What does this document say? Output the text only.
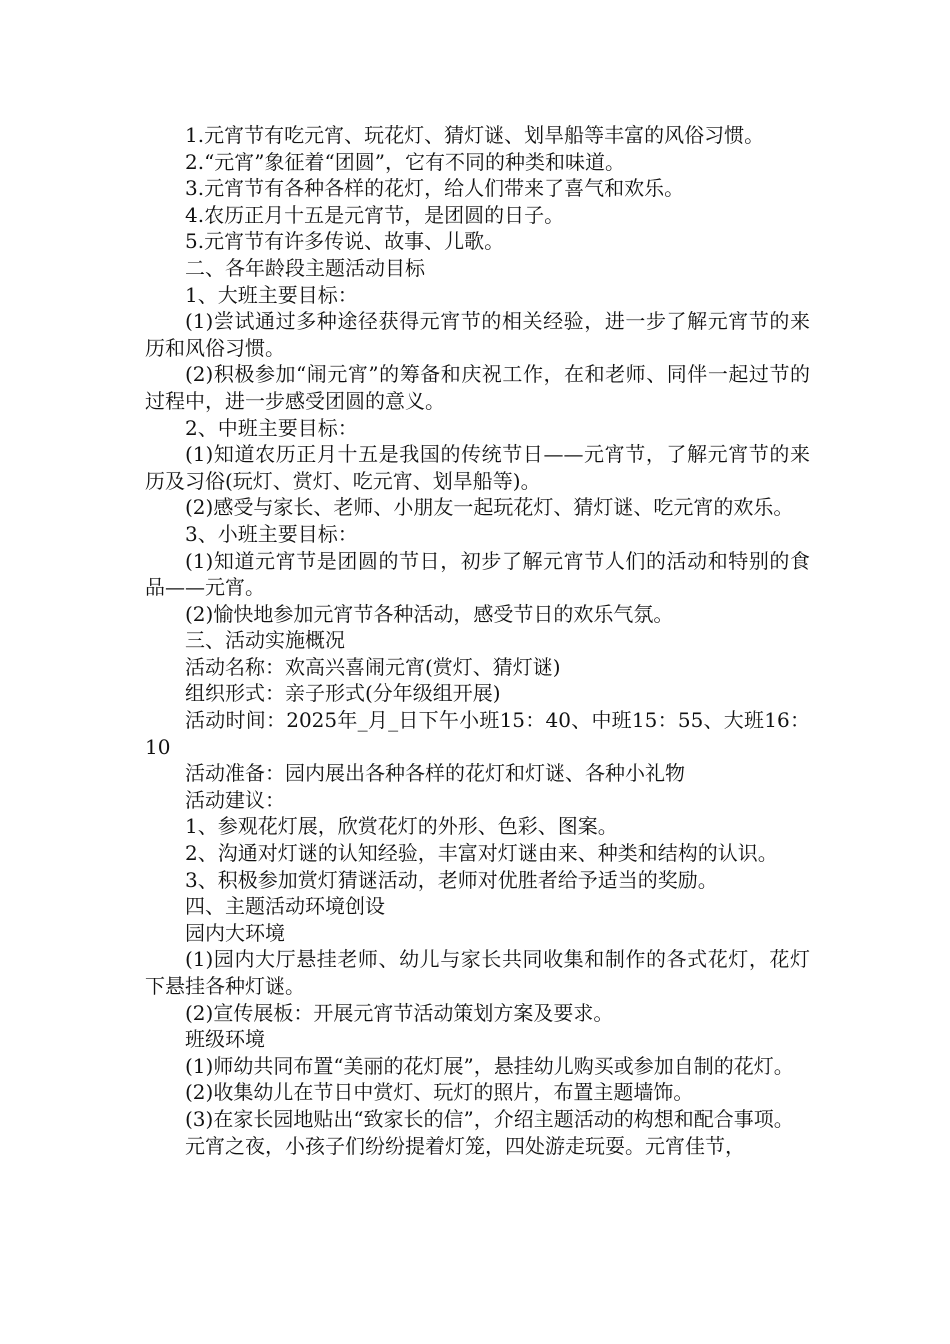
1.元宵节有吃元宵、玩花灯、猜灯谜、划旱船等丰富的风俗习惯。

2.“元宵”象征着“团圆”，它有不同的种类和味道。

3.元宵节有各种各样的花灯，给人们带来了喜气和欢乐。

4.农历正月十五是元宵节，是团圆的日子。

5.元宵节有许多传说、故事、儿歌。

二、各年龄段主题活动目标

1、大班主要目标：

(1)尝试通过多种途径获得元宵节的相关经验，进一步了解元宵节的来历和风俗习惯。

(2)积极参加“闹元宵”的筹备和庆祝工作，在和老师、同伴一起过节的过程中，进一步感受团圆的意义。

2、中班主要目标：

(1)知道农历正月十五是我国的传统节日——元宵节，了解元宵节的来历及习俗(玩灯、赏灯、吃元宵、划旱船等)。

(2)感受与家长、老师、小朋友一起玩花灯、猜灯谜、吃元宵的欢乐。

3、小班主要目标：

(1)知道元宵节是团圆的节日，初步了解元宵节人们的活动和特别的食品——元宵。

(2)愉快地参加元宵节各种活动，感受节日的欢乐气氛。

三、活动实施概况

活动名称：欢高兴喜闹元宵(赏灯、猜灯谜)

组织形式：亲子形式(分年级组开展)

活动时间：2025年_月_日下午小班15：40、中班15：55、大班16：10

活动准备：园内展出各种各样的花灯和灯谜、各种小礼物

活动建议：

1、参观花灯展，欣赏花灯的外形、色彩、图案。

2、沟通对灯谜的认知经验，丰富对灯谜由来、种类和结构的认识。

3、积极参加赏灯猜谜活动，老师对优胜者给予适当的奖励。

四、主题活动环境创设

园内大环境

(1)园内大厅悬挂老师、幼儿与家长共同收集和制作的各式花灯，花灯下悬挂各种灯谜。

(2)宣传展板：开展元宵节活动策划方案及要求。

班级环境

(1)师幼共同布置“美丽的花灯展”，悬挂幼儿购买或参加自制的花灯。

(2)收集幼儿在节日中赏灯、玩灯的照片，布置主题墙饰。

(3)在家长园地贴出“致家长的信”，介绍主题活动的构想和配合事项。

元宵之夜，小孩子们纷纷提着灯笼，四处游走玩耍。元宵佳节，
